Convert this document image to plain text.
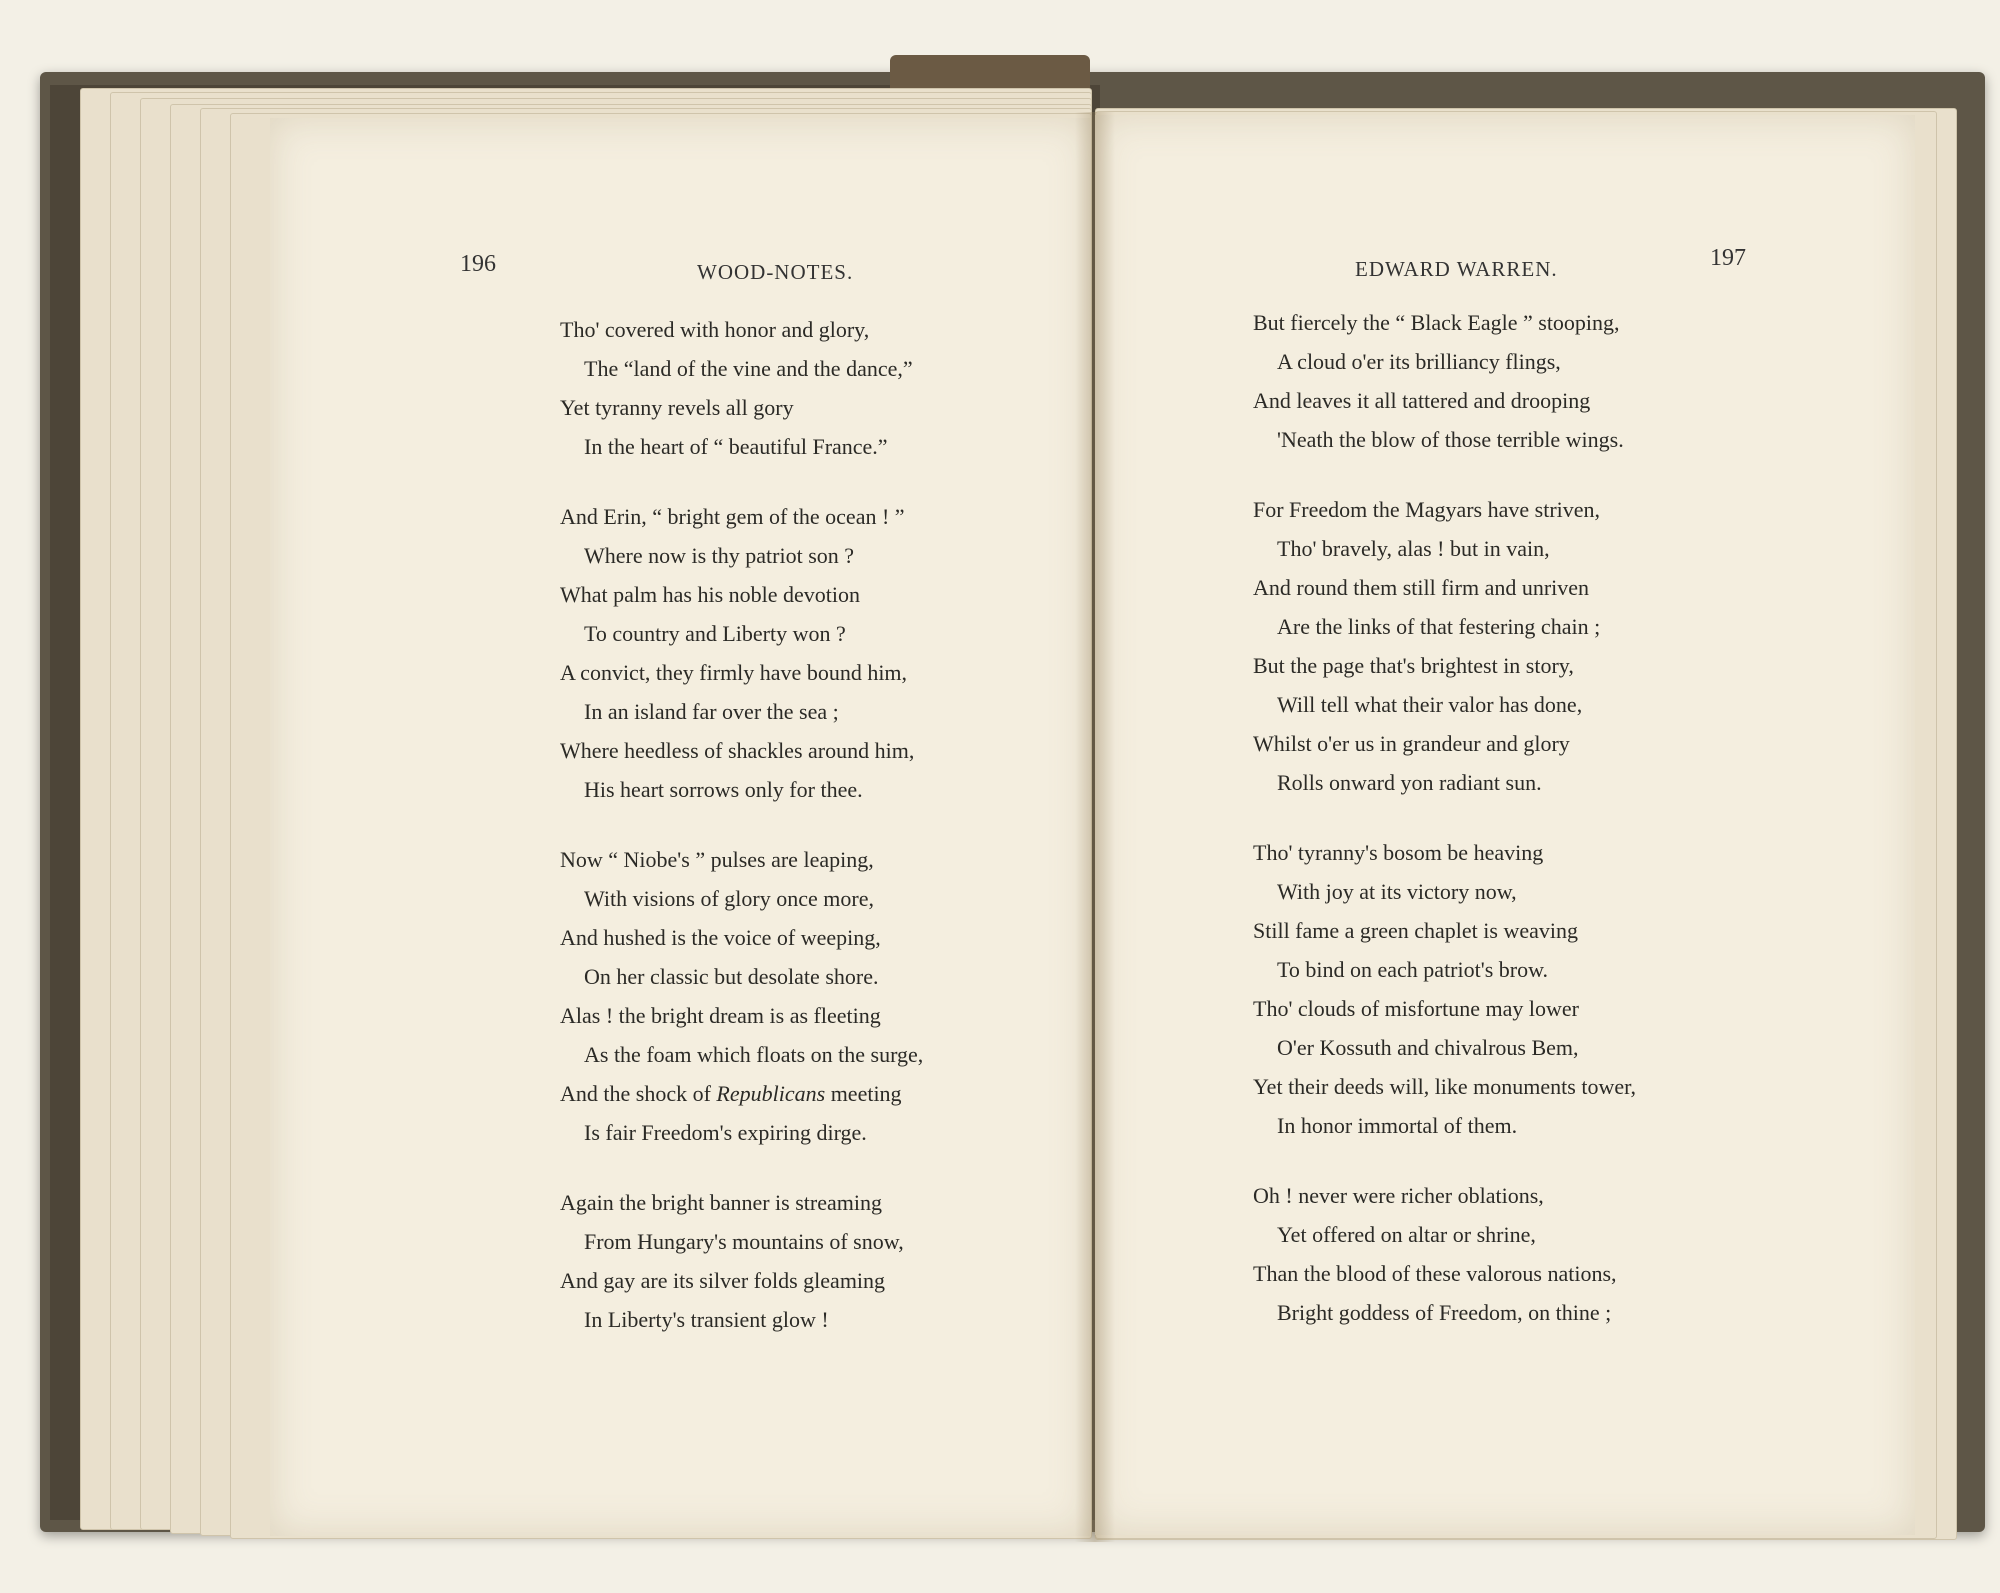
196	WOOD-NOTES.
Tho' covered with honor and glory,
The “land of the vine and the dance,”
Yet tyranny revels all gory
In the heart of “ beautiful France.”
And Erin, “ bright gem of the ocean ! ”
Where now is thy patriot son ?
What palm has his noble devotion
To country and Liberty won ?
A convict, they firmly have bound him,
In an island far over the sea ;
Where heedless of shackles around him,
His heart sorrows only for thee.
Now “ Niobe's ” pulses are leaping,
With visions of glory once more,
And hushed is the voice of weeping,
On her classic but desolate shore.
Alas ! the bright dream is as fleeting
As the foam which floats on the surge,
And the shock of Republicans meeting
Is fair Freedom's expiring dirge.
Again the bright banner is streaming
From Hungary's mountains of snow,
And gay are its silver folds gleaming
In Liberty's transient glow !
EDWARD WARREN.	197
But fiercely the “ Black Eagle ” stooping,
A cloud o'er its brilliancy flings,
And leaves it all tattered and drooping
'Neath the blow of those terrible wings.
For Freedom the Magyars have striven,
Tho' bravely, alas ! but in vain,
And round them still firm and unriven
Are the links of that festering chain ;
But the page that's brightest in story,
Will tell what their valor has done,
Whilst o'er us in grandeur and glory
Rolls onward yon radiant sun.
Tho' tyranny's bosom be heaving
With joy at its victory now,
Still fame a green chaplet is weaving
To bind on each patriot's brow.
Tho' clouds of misfortune may lower
O'er Kossuth and chivalrous Bem,
Yet their deeds will, like monuments tower,
In honor immortal of them.
Oh ! never were richer oblations,
Yet offered on altar or shrine,
Than the blood of these valorous nations,
Bright goddess of Freedom, on thine ;
